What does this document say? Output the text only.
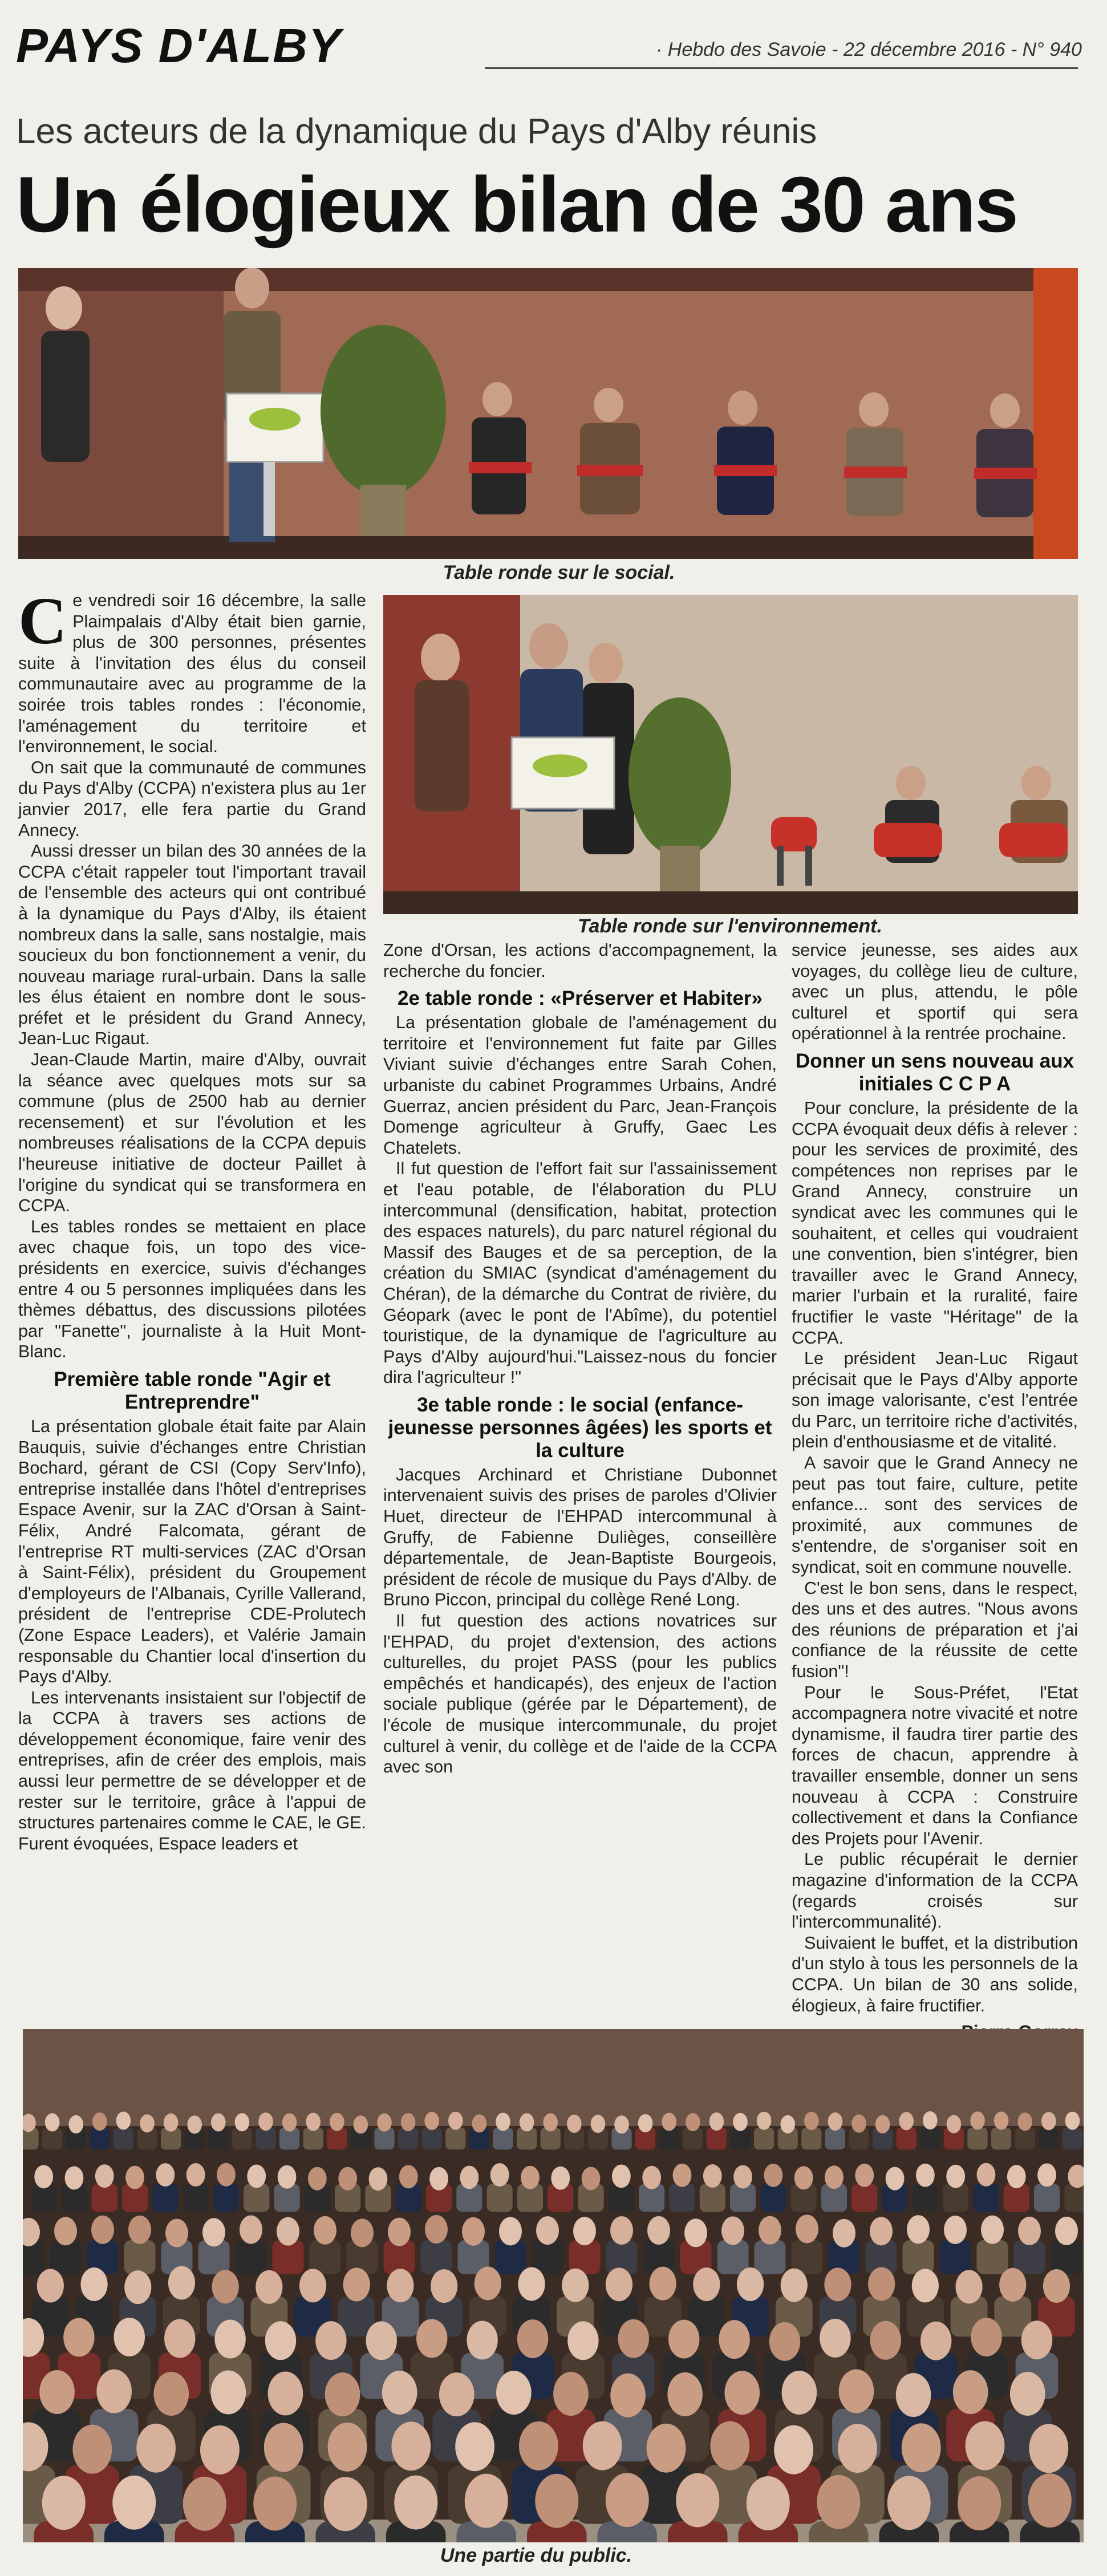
PAYS D'ALBY	· Hebdo des Savoie - 22 décembre 2016 - N° 940
Les acteurs de la dynamique du Pays d'Alby réunis
Un élogieux bilan de 30 ans
Table ronde sur le social.
Table ronde sur l'environnement.
C e vendredi soir 16 décembre, la salle Plaimpalais d'Alby était bien garnie, plus de 300 personnes, présentes suite à l'invitation des élus du conseil communautaire avec au programme de la soirée trois tables rondes : l'économie, l'aménagement du territoire et l'environnement, le social.

On sait que la communauté de communes du Pays d'Alby (CCPA) n'existera plus au 1er janvier 2017, elle fera partie du Grand Annecy.

Aussi dresser un bilan des 30 années de la CCPA c'était rappeler tout l'important travail de l'ensemble des acteurs qui ont contribué à la dynamique du Pays d'Alby, ils étaient nombreux dans la salle, sans nostalgie, mais soucieux du bon fonctionnement a venir, du nouveau mariage rural-urbain. Dans la salle les élus étaient en nombre dont le sous-préfet et le président du Grand Annecy, Jean-Luc Rigaut.

Jean-Claude Martin, maire d'Alby, ouvrait la séance avec quelques mots sur sa commune (plus de 2500 hab au dernier recensement) et sur l'évolution et les nombreuses réalisations de la CCPA depuis l'heureuse initiative de docteur Paillet à l'origine du syndicat qui se transformera en CCPA.

Les tables rondes se mettaient en place avec chaque fois, un topo des vice-présidents en exercice, suivis d'échanges entre 4 ou 5 personnes impliquées dans les thèmes débattus, des discussions pilotées par "Fanette", journaliste à la Huit Mont-Blanc.

Première table ronde "Agir et Entreprendre"

La présentation globale était faite par Alain Bauquis, suivie d'échanges entre Christian Bochard, gérant de CSI (Copy Serv'Info), entreprise installée dans l'hôtel d'entreprises Espace Avenir, sur la ZAC d'Orsan à Saint-Félix, André Falcomata, gérant de l'entreprise RT multi-services (ZAC d'Orsan à Saint-Félix), président du Groupement d'employeurs de l'Albanais, Cyrille Vallerand, président de l'entreprise CDE-Prolutech (Zone Espace Leaders), et Valérie Jamain responsable du Chantier local d'insertion du Pays d'Alby.

Les intervenants insistaient sur l'objectif de la CCPA à travers ses actions de développement économique, faire venir des entreprises, afin de créer des emplois, mais aussi leur permettre de se développer et de rester sur le territoire, grâce à l'appui de structures partenaires comme le CAE, le GE. Furent évoquées, Espace leaders et

Zone d'Orsan, les actions d'accompagnement, la recherche du foncier.

2e table ronde : «Préserver et Habiter»

La présentation globale de l'aménagement du territoire et l'environnement fut faite par Gilles Viviant suivie d'échanges entre Sarah Cohen, urbaniste du cabinet Programmes Urbains, André Guerraz, ancien président du Parc, Jean-François Domenge agriculteur à Gruffy, Gaec Les Chatelets.

Il fut question de l'effort fait sur l'assainissement et l'eau potable, de l'élaboration du PLU intercommunal (densification, habitat, protection des espaces naturels), du parc naturel régional du Massif des Bauges et de sa perception, de la création du SMIAC (syndicat d'aménagement du Chéran), de la démarche du Contrat de rivière, du Géopark (avec le pont de l'Abîme), du potentiel touristique, de la dynamique de l'agriculture au Pays d'Alby aujourd'hui."Laissez-nous du foncier dira l'agriculteur !"

3e table ronde : le social (enfance-jeunesse personnes âgées) les sports et la culture

Jacques Archinard et Christiane Dubonnet intervenaient suivis des prises de paroles d'Olivier Huet, directeur de l'EHPAD intercommunal à Gruffy, de Fabienne Dulièges, conseillère départementale, de Jean-Baptiste Bourgeois, président de récole de musique du Pays d'Alby. de Bruno Piccon, principal du collège René Long.

Il fut question des actions novatrices sur l'EHPAD, du projet d'extension, des actions culturelles, du projet PASS (pour les publics empêchés et handicapés), des enjeux de l'action sociale publique (gérée par le Département), de l'école de musique intercommunale, du projet culturel à venir, du collège et de l'aide de la CCPA avec son

service jeunesse, ses aides aux voyages, du collège lieu de culture, avec un plus, attendu, le pôle culturel et sportif qui sera opérationnel à la rentrée prochaine.

Donner un sens nouveau aux initiales C C P A

Pour conclure, la présidente de la CCPA évoquait deux défis à relever : pour les services de proximité, des compétences non reprises par le Grand Annecy, construire un syndicat avec les communes qui le souhaitent, et celles qui voudraient une convention, bien s'intégrer, bien travailler avec le Grand Annecy, marier l'urbain et la ruralité, faire fructifier le vaste "Héritage" de la CCPA.

Le président Jean-Luc Rigaut précisait que le Pays d'Alby apporte son image valorisante, c'est l'entrée du Parc, un territoire riche d'activités, plein d'enthousiasme et de vitalité.

A savoir que le Grand Annecy ne peut pas tout faire, culture, petite enfance... sont des services de proximité, aux communes de s'entendre, de s'organiser soit en syndicat, soit en commune nouvelle.

C'est le bon sens, dans le respect, des uns et des autres. "Nous avons des réunions de préparation et j'ai confiance de la réussite de cette fusion"!

Pour le Sous-Préfet, l'Etat accompagnera notre vivacité et notre dynamisme, il faudra tirer partie des forces de chacun, apprendre à travailler ensemble, donner un sens nouveau à CCPA : Construire collectivement et dans la Confiance des Projets pour l'Avenir.

Le public récupérait le dernier magazine d'information de la CCPA (regards croisés sur l'intercommunalité).

Suivaient le buffet, et la distribution d'un stylo à tous les personnels de la CCPA. Un bilan de 30 ans solide, élogieux, à faire fructifier.

Une partie du public.
